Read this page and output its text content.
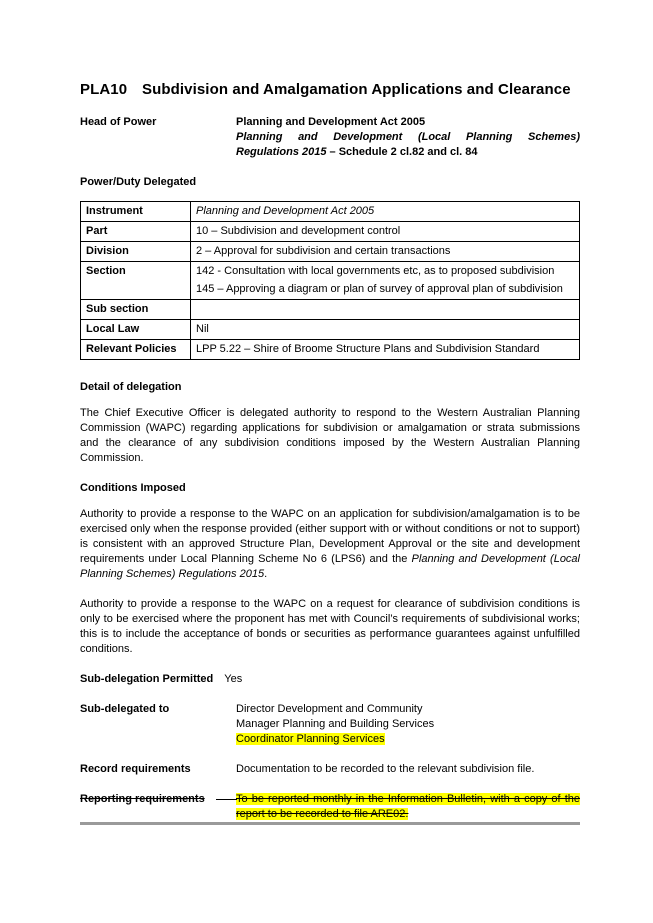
PLA10 Subdivision and Amalgamation Applications and Clearance
Head of Power	Planning and Development Act 2005
Planning and Development (Local Planning Schemes) Regulations 2015 – Schedule 2 cl.82 and cl. 84
Power/Duty Delegated
Instrument	Planning and Development Act 2005
Part	10 – Subdivision and development control
Division	2 – Approval for subdivision and certain transactions
Section	142 - Consultation with local governments etc, as to proposed subdivision
145 – Approving a diagram or plan of survey of approval plan of subdivision

Sub section	
Local Law	Nil
Relevant Policies	LPP 5.22 – Shire of Broome Structure Plans and Subdivision Standard
Detail of delegation

The Chief Executive Officer is delegated authority to respond to the Western Australian Planning Commission (WAPC) regarding applications for subdivision or amalgamation or strata submissions and the clearance of any subdivision conditions imposed by the Western Australian Planning Commission.

Conditions Imposed

Authority to provide a response to the WAPC on an application for subdivision/amalgamation is to be exercised only when the response provided (either support with or without conditions or not to support) is consistent with an approved Structure Plan, Development Approval or the site and development requirements under Local Planning Scheme No 6 (LPS6) and the Planning and Development (Local Planning Schemes) Regulations 2015.

Authority to provide a response to the WAPC on a request for clearance of subdivision conditions is only to be exercised where the proponent has met with Council’s requirements of subdivisional works; this is to include the acceptance of bonds or securities as performance guarantees against unfulfilled conditions.

Sub-delegation Permitted Yes
Sub-delegated to	Director Development and Community
Manager Planning and Building Services
Coordinator Planning Services
Record requirements	Documentation to be recorded to the relevant subdivision file.
Reporting requirements	To be reported monthly in the Information Bulletin, with a copy of the report to be recorded to file ARE02.
